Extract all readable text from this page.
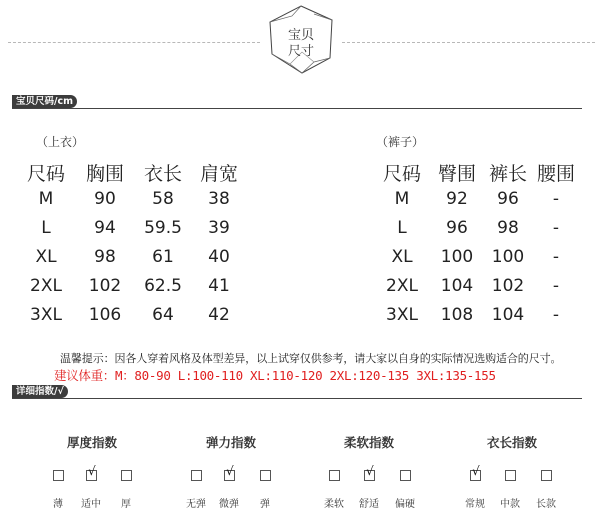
宝贝
尺寸
宝贝尺码/cm
（上衣）
尺码 胸围 衣长 肩宽
M	90	58	38
L	94	59.5	39
XL	98	61	40
2XL	102	62.5	41
3XL	106	64	42
（裤子）
尺码 臀围 裤长 腰围
M	92	96	-
L	96	98	-
XL	100	100	-
2XL	104	102	-
3XL	108	104	-
温馨提示：因各人穿着风格及体型差异，以上试穿仅供参考，请大家以自身的实际情况选购适合的尺寸。
建议体重：M：80-90 L:100-110 XL:110-120 2XL:120-135 3XL:135-155
详细指数/√
厚度指数
√
薄	适中	厚
弹力指数
√
无弹	微弹	弹
柔软指数
√
柔软	舒适	偏硬
衣长指数
√
常规	中款	长款
